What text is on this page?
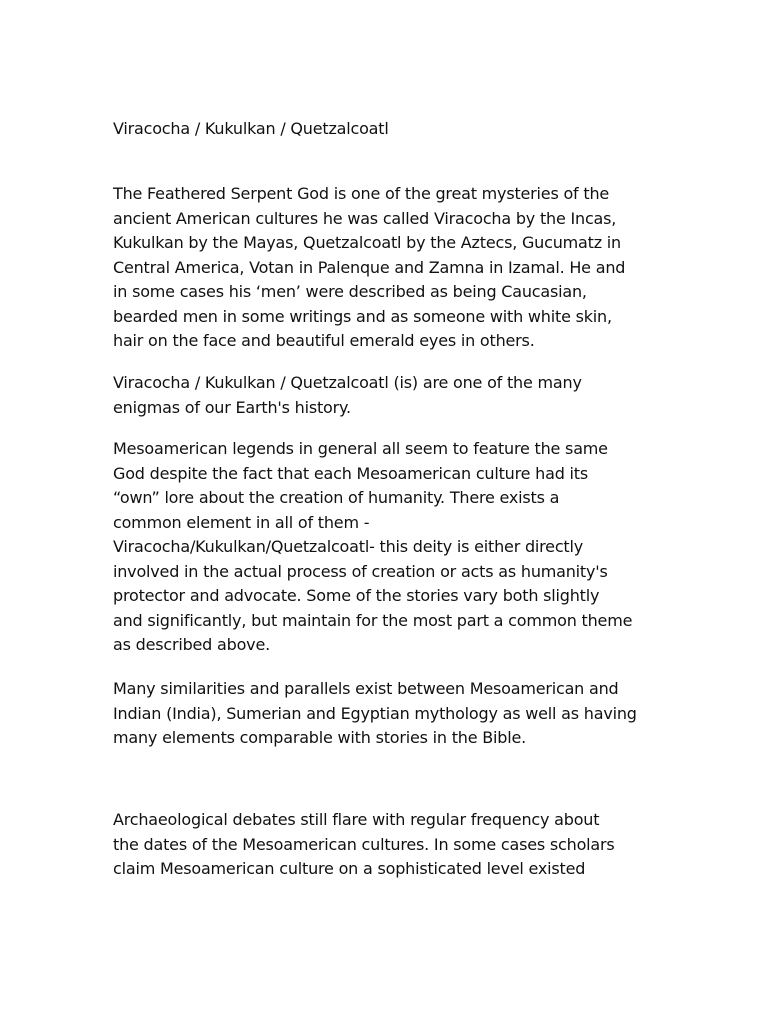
Viracocha / Kukulkan / Quetzalcoatl

The Feathered Serpent God is one of the great mysteries of the
ancient American cultures he was called Viracocha by the Incas,
Kukulkan by the Mayas, Quetzalcoatl by the Aztecs, Gucumatz in
Central America, Votan in Palenque and Zamna in Izamal. He and
in some cases his ‘men’ were described as being Caucasian,
bearded men in some writings and as someone with white skin,
hair on the face and beautiful emerald eyes in others.

Viracocha / Kukulkan / Quetzalcoatl (is) are one of the many
enigmas of our Earth's history.

Mesoamerican legends in general all seem to feature the same
God despite the fact that each Mesoamerican culture had its
“own” lore about the creation of humanity. There exists a
common element in all of them -
Viracocha/Kukulkan/Quetzalcoatl- this deity is either directly
involved in the actual process of creation or acts as humanity's
protector and advocate. Some of the stories vary both slightly
and significantly, but maintain for the most part a common theme
as described above.

Many similarities and parallels exist between Mesoamerican and
Indian (India), Sumerian and Egyptian mythology as well as having
many elements comparable with stories in the Bible.

Archaeological debates still flare with regular frequency about
the dates of the Mesoamerican cultures. In some cases scholars
claim Mesoamerican culture on a sophisticated level existed
